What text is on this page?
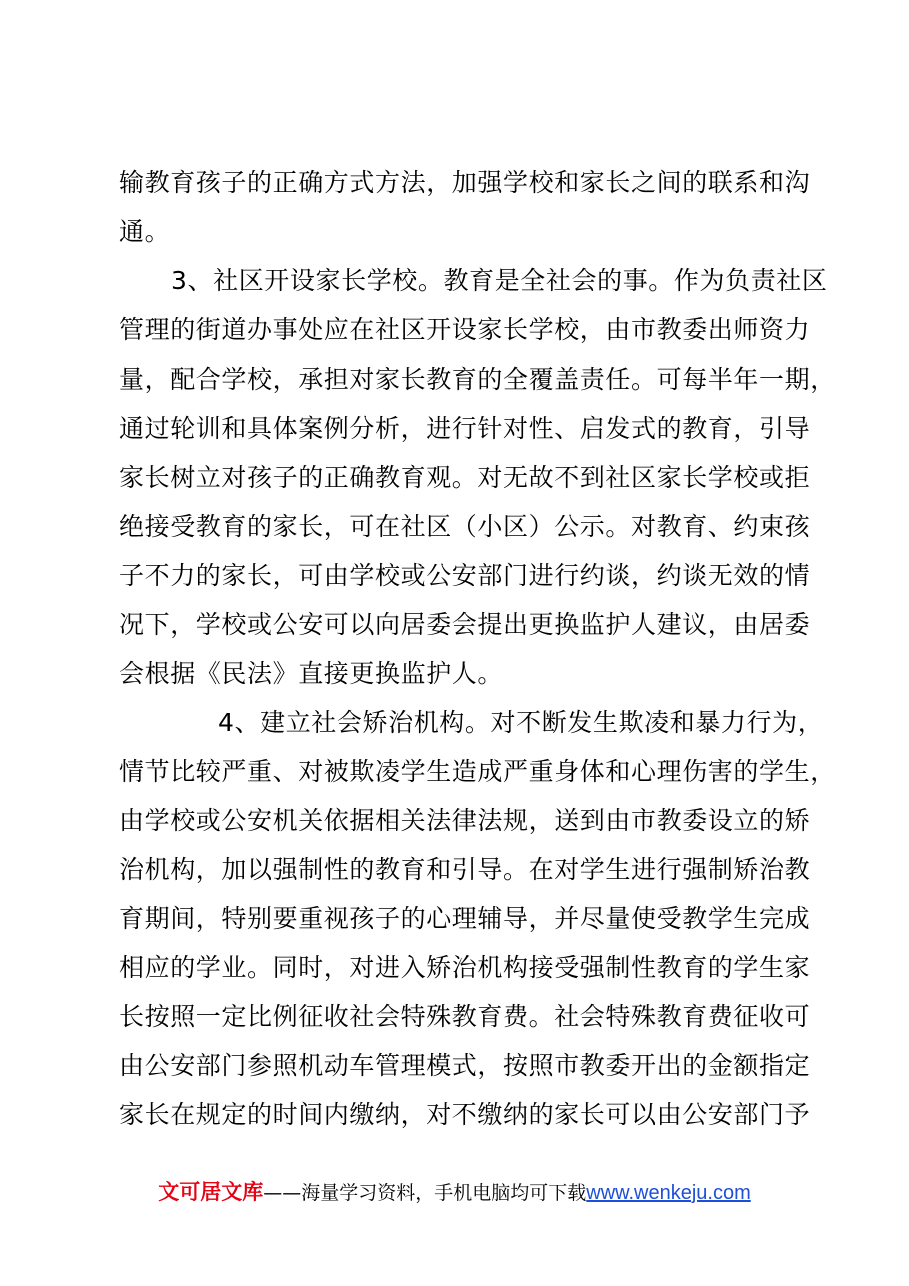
输教育孩子的正确方式方法，加强学校和家长之间的联系和沟
通。
3、社区开设家长学校。教育是全社会的事。作为负责社区
管理的街道办事处应在社区开设家长学校，由市教委出师资力
量，配合学校，承担对家长教育的全覆盖责任。可每半年一期，
通过轮训和具体案例分析，进行针对性、启发式的教育，引导
家长树立对孩子的正确教育观。对无故不到社区家长学校或拒
绝接受教育的家长，可在社区（小区）公示。对教育、约束孩
子不力的家长，可由学校或公安部门进行约谈，约谈无效的情
况下，学校或公安可以向居委会提出更换监护人建议，由居委
会根据《民法》直接更换监护人。
4、建立社会矫治机构。对不断发生欺凌和暴力行为，
情节比较严重、对被欺凌学生造成严重身体和心理伤害的学生，
由学校或公安机关依据相关法律法规，送到由市教委设立的矫
治机构，加以强制性的教育和引导。在对学生进行强制矫治教
育期间，特别要重视孩子的心理辅导，并尽量使受教学生完成
相应的学业。同时，对进入矫治机构接受强制性教育的学生家
长按照一定比例征收社会特殊教育费。社会特殊教育费征收可
由公安部门参照机动车管理模式，按照市教委开出的金额指定
家长在规定的时间内缴纳，对不缴纳的家长可以由公安部门予
文可居文库——海量学习资料，手机电脑均可下载www.wenkeju.com
